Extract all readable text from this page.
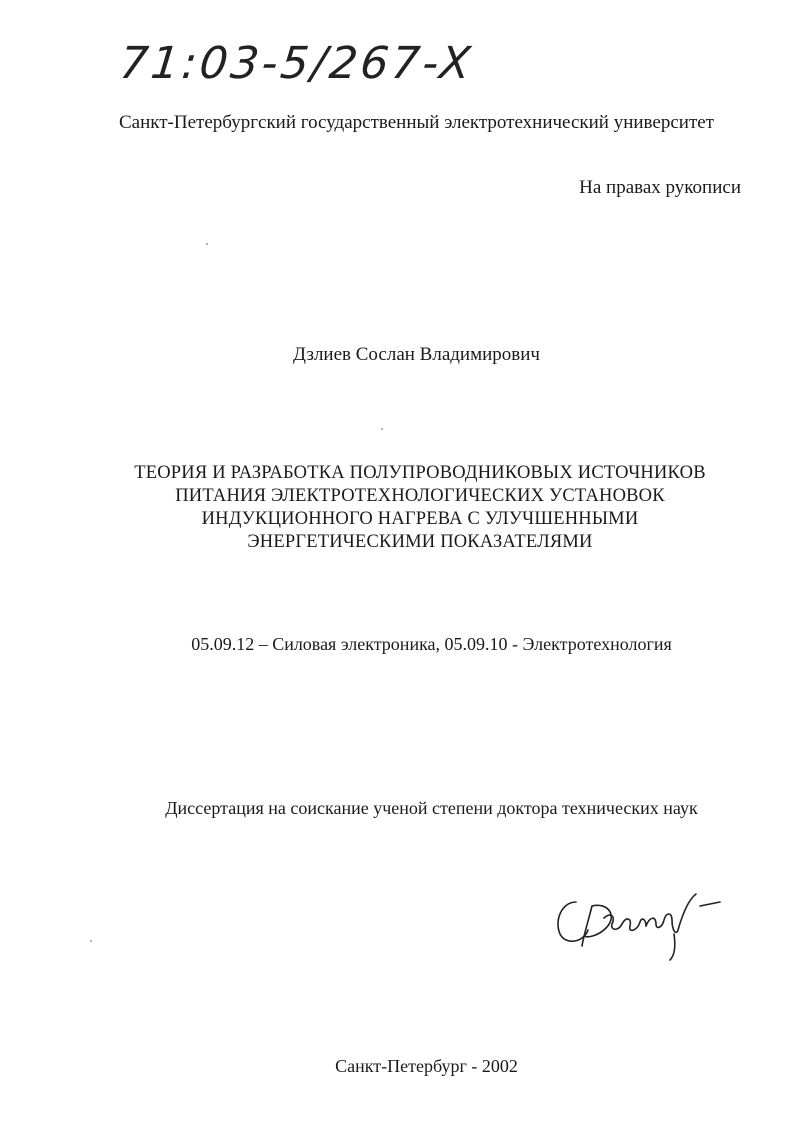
71:03-5/267-X
Санкт-Петербургский государственный электротехнический университет
На правах рукописи
Дзлиев Сослан Владимирович
ТЕОРИЯ И РАЗРАБОТКА ПОЛУПРОВОДНИКОВЫХ ИСТОЧНИКОВ
ПИТАНИЯ ЭЛЕКТРОТЕХНОЛОГИЧЕСКИХ УСТАНОВОК
ИНДУКЦИОННОГО НАГРЕВА С УЛУЧШЕННЫМИ
ЭНЕРГЕТИЧЕСКИМИ ПОКАЗАТЕЛЯМИ
05.09.12 – Силовая электроника, 05.09.10 - Электротехнология
Диссертация на соискание ученой степени доктора технических наук
Санкт-Петербург - 2002
